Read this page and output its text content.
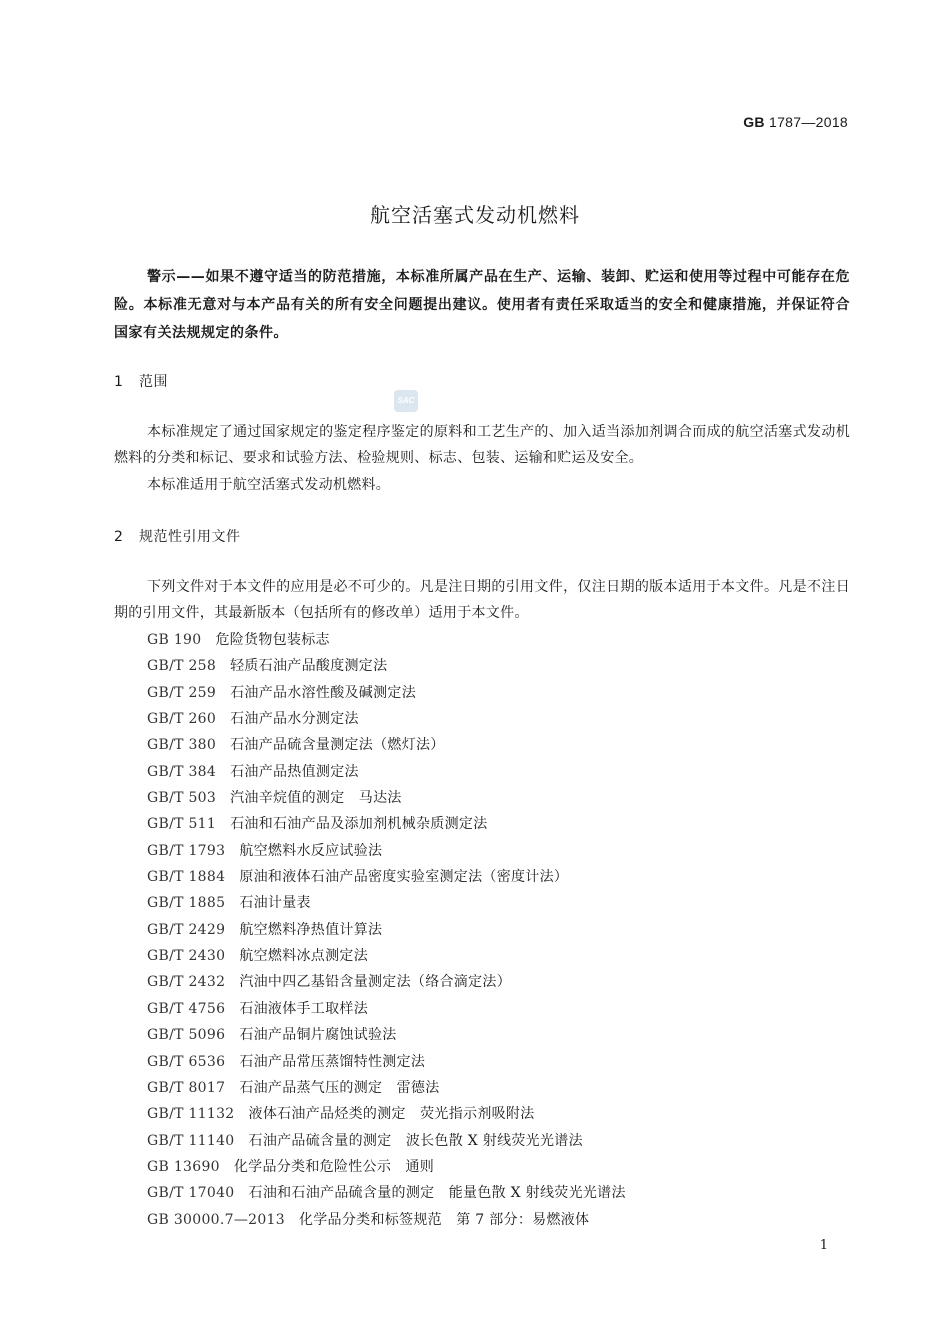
GB 1787—2018
航空活塞式发动机燃料
警示——如果不遵守适当的防范措施，本标准所属产品在生产、运输、装卸、贮运和使用等过程中可能存在危险。本标准无意对与本产品有关的所有安全问题提出建议。使用者有责任采取适当的安全和健康措施，并保证符合国家有关法规规定的条件。
SAC
1 范围
本标准规定了通过国家规定的鉴定程序鉴定的原料和工艺生产的、加入适当添加剂调合而成的航空活塞式发动机燃料的分类和标记、要求和试验方法、检验规则、标志、包装、运输和贮运及安全。
本标准适用于航空活塞式发动机燃料。
2 规范性引用文件
下列文件对于本文件的应用是必不可少的。凡是注日期的引用文件，仅注日期的版本适用于本文件。凡是不注日期的引用文件，其最新版本（包括所有的修改单）适用于本文件。
GB 190 危险货物包装标志
GB/T 258 轻质石油产品酸度测定法
GB/T 259 石油产品水溶性酸及碱测定法
GB/T 260 石油产品水分测定法
GB/T 380 石油产品硫含量测定法（燃灯法）
GB/T 384 石油产品热值测定法
GB/T 503 汽油辛烷值的测定　马达法
GB/T 511 石油和石油产品及添加剂机械杂质测定法
GB/T 1793 航空燃料水反应试验法
GB/T 1884 原油和液体石油产品密度实验室测定法（密度计法）
GB/T 1885 石油计量表
GB/T 2429 航空燃料净热值计算法
GB/T 2430 航空燃料冰点测定法
GB/T 2432 汽油中四乙基铅含量测定法（络合滴定法）
GB/T 4756 石油液体手工取样法
GB/T 5096 石油产品铜片腐蚀试验法
GB/T 6536 石油产品常压蒸馏特性测定法
GB/T 8017 石油产品蒸气压的测定　雷德法
GB/T 11132 液体石油产品烃类的测定　荧光指示剂吸附法
GB/T 11140 石油产品硫含量的测定　波长色散 X 射线荧光光谱法
GB 13690 化学品分类和危险性公示　通则
GB/T 17040 石油和石油产品硫含量的测定　能量色散 X 射线荧光光谱法
GB 30000.7—2013 化学品分类和标签规范　第 7 部分：易燃液体
1
